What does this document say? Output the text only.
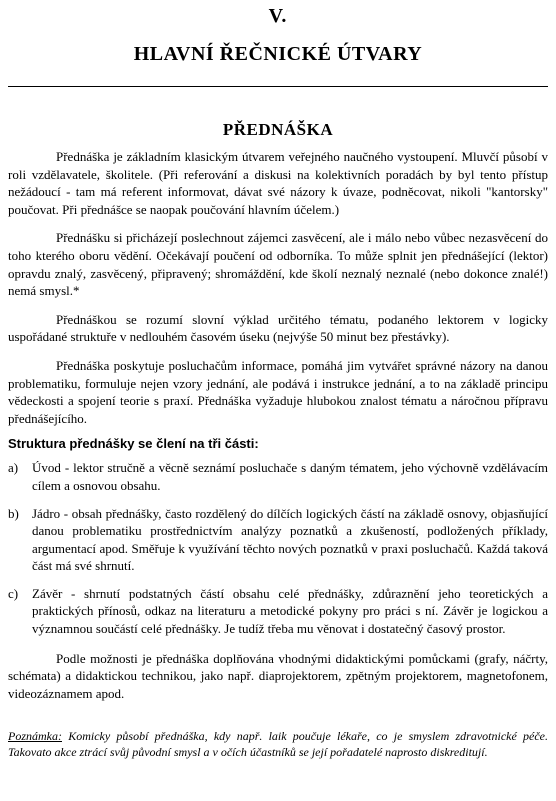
V.
HLAVNÍ ŘEČNICKÉ ÚTVARY
PŘEDNÁŠKA

Přednáška je základním klasickým útvarem veřejného naučného vystoupení. Mluvčí působí v roli vzdělavatele, školitele. (Při referování a diskusi na kolektivních poradách by byl tento přístup nežádoucí - tam má referent informovat, dávat své názory k úvaze, podněcovat, nikoli "kantorsky" poučovat. Při přednášce se naopak poučování hlavním účelem.)

Přednášku si přicházejí poslechnout zájemci zasvěcení, ale i málo nebo vůbec nezasvěcení do toho kterého oboru vědění. Očekávají poučení od odborníka. To může splnit jen přednášející (lektor) opravdu znalý, zasvěcený, připravený; shromáždění, kde školí neznalý neznalé (nebo dokonce znalé!) nemá smysl.*

Přednáškou se rozumí slovní výklad určitého tématu, podaného lektorem v logicky uspořádané struktuře v nedlouhém časovém úseku (nejvýše 50 minut bez přestávky).

Přednáška poskytuje posluchačům informace, pomáhá jim vytvářet správné názory na danou problematiku, formuluje nejen vzory jednání, ale podává i instrukce jednání, a to na základě principu vědeckosti a spojení teorie s praxí. Přednáška vyžaduje hlubokou znalost tématu a náročnou přípravu přednášejícího.

Struktura přednášky se člení na tři části:
a) Úvod - lektor stručně a věcně seznámí posluchače s daným tématem, jeho výchovně vzdělávacím cílem a osnovou obsahu.

b) Jádro - obsah přednášky, často rozdělený do dílčích logických částí na základě osnovy, objasňující danou problematiku prostřednictvím analýzy poznatků a zkušeností, podložených příklady, argumentací apod. Směřuje k využívání těchto nových poznatků v praxi posluchačů. Každá taková část má své shrnutí.

c) Závěr - shrnutí podstatných částí obsahu celé přednášky, zdůraznění jeho teoretických a praktických přínosů, odkaz na literaturu a metodické pokyny pro práci s ní. Závěr je logickou a významnou součástí celé přednášky. Je tudíž třeba mu věnovat i dostatečný časový prostor.

Podle možnosti je přednáška doplňována vhodnými didaktickými pomůckami (grafy, náčrty, schémata) a didaktickou technikou, jako např. diaprojektorem, zpětným projektorem, magnetofonem, videozáznamem apod.

Poznámka: Komicky působí přednáška, kdy např. laik poučuje lékaře, co je smyslem zdravotnické péče. Takovato akce ztrácí svůj původní smysl a v očích účastníků se její pořadatelé naprosto diskreditují.
